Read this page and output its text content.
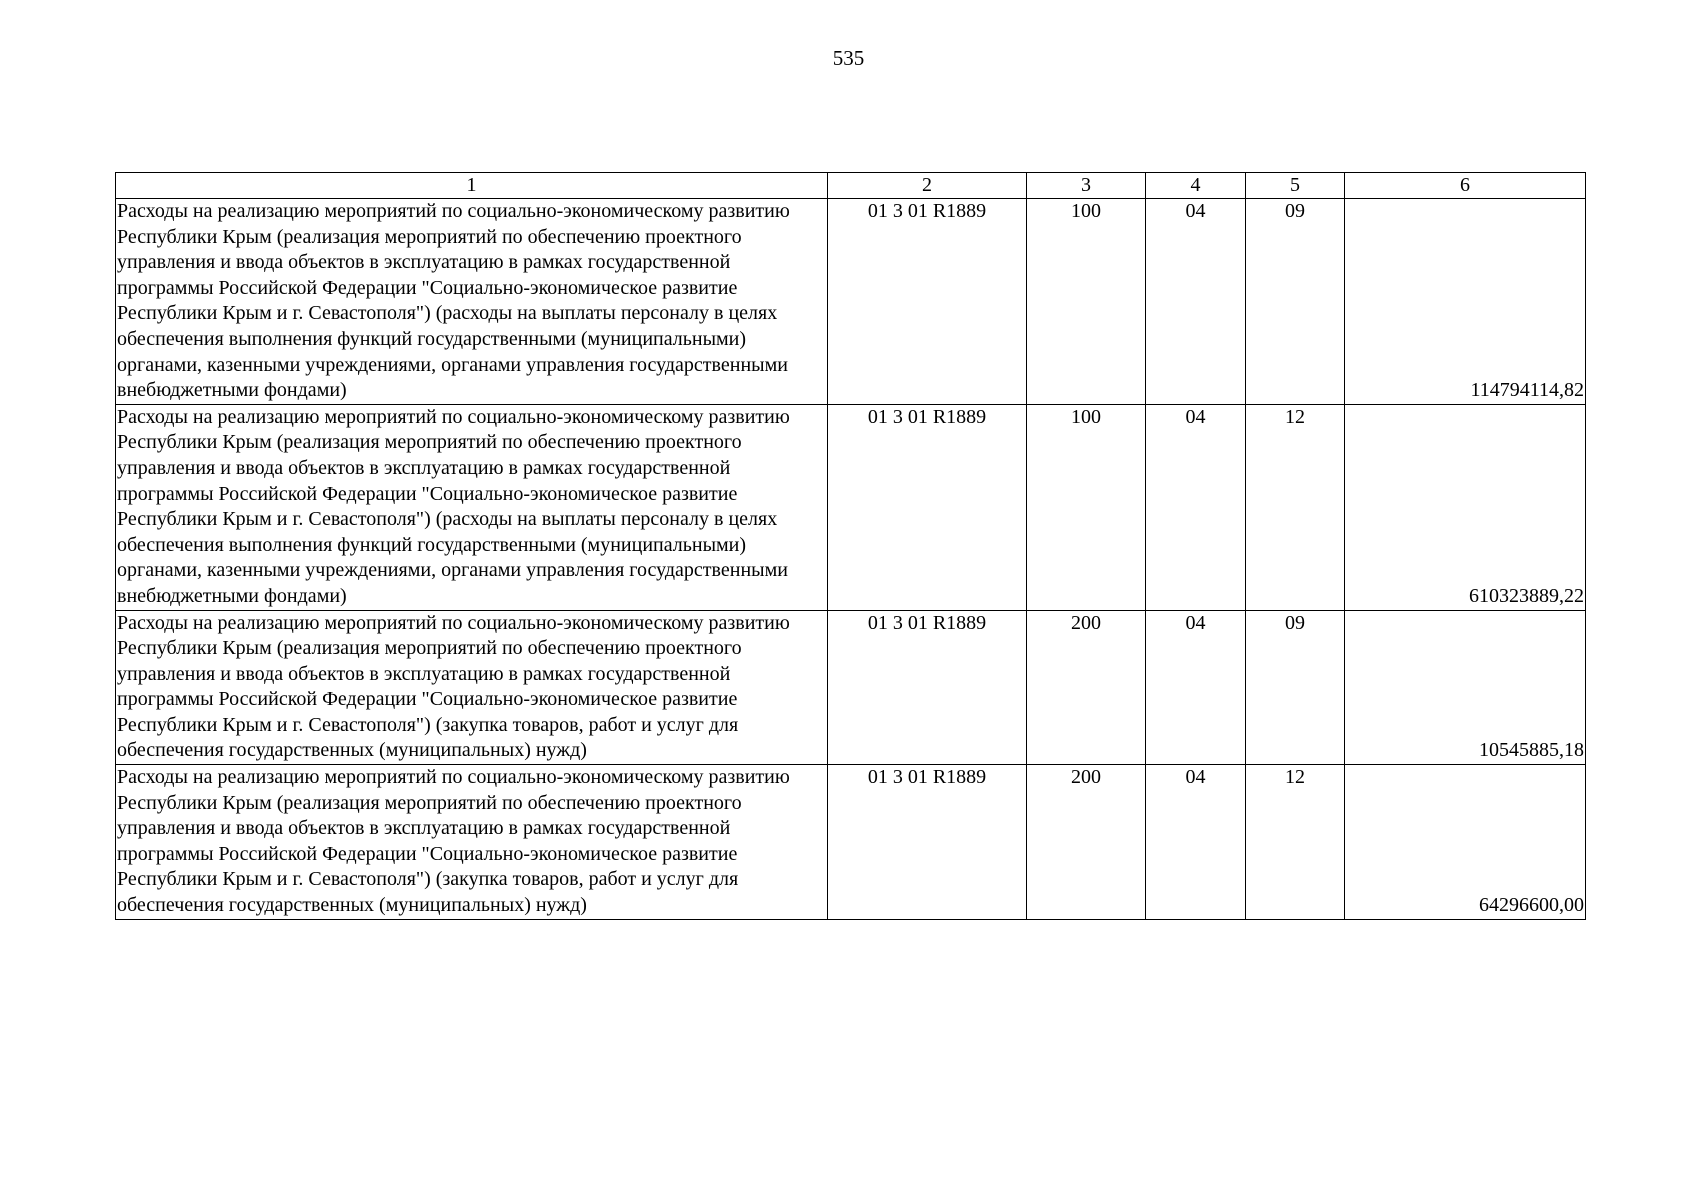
535
1	2	3	4	5	6
Расходы на реализацию мероприятий по социально-экономическому развитию Республики Крым (реализация мероприятий по обеспечению проектного управления и ввода объектов в эксплуатацию в рамках государственной программы Российской Федерации "Социально-экономическое развитие Республики Крым и г. Севастополя") (расходы на выплаты персоналу в целях обеспечения выполнения функций государственными (муниципальными) органами, казенными учреждениями, органами управления государственными внебюджетными фондами)	01 3 01 R1889	100	04	09	114794114,82
Расходы на реализацию мероприятий по социально-экономическому развитию Республики Крым (реализация мероприятий по обеспечению проектного управления и ввода объектов в эксплуатацию в рамках государственной программы Российской Федерации "Социально-экономическое развитие Республики Крым и г. Севастополя") (расходы на выплаты персоналу в целях обеспечения выполнения функций государственными (муниципальными) органами, казенными учреждениями, органами управления государственными внебюджетными фондами)	01 3 01 R1889	100	04	12	610323889,22
Расходы на реализацию мероприятий по социально-экономическому развитию Республики Крым (реализация мероприятий по обеспечению проектного управления и ввода объектов в эксплуатацию в рамках государственной программы Российской Федерации "Социально-экономическое развитие Республики Крым и г. Севастополя") (закупка товаров, работ и услуг для обеспечения государственных (муниципальных) нужд)	01 3 01 R1889	200	04	09	10545885,18
Расходы на реализацию мероприятий по социально-экономическому развитию Республики Крым (реализация мероприятий по обеспечению проектного управления и ввода объектов в эксплуатацию в рамках государственной программы Российской Федерации "Социально-экономическое развитие Республики Крым и г. Севастополя") (закупка товаров, работ и услуг для обеспечения государственных (муниципальных) нужд)	01 3 01 R1889	200	04	12	64296600,00
